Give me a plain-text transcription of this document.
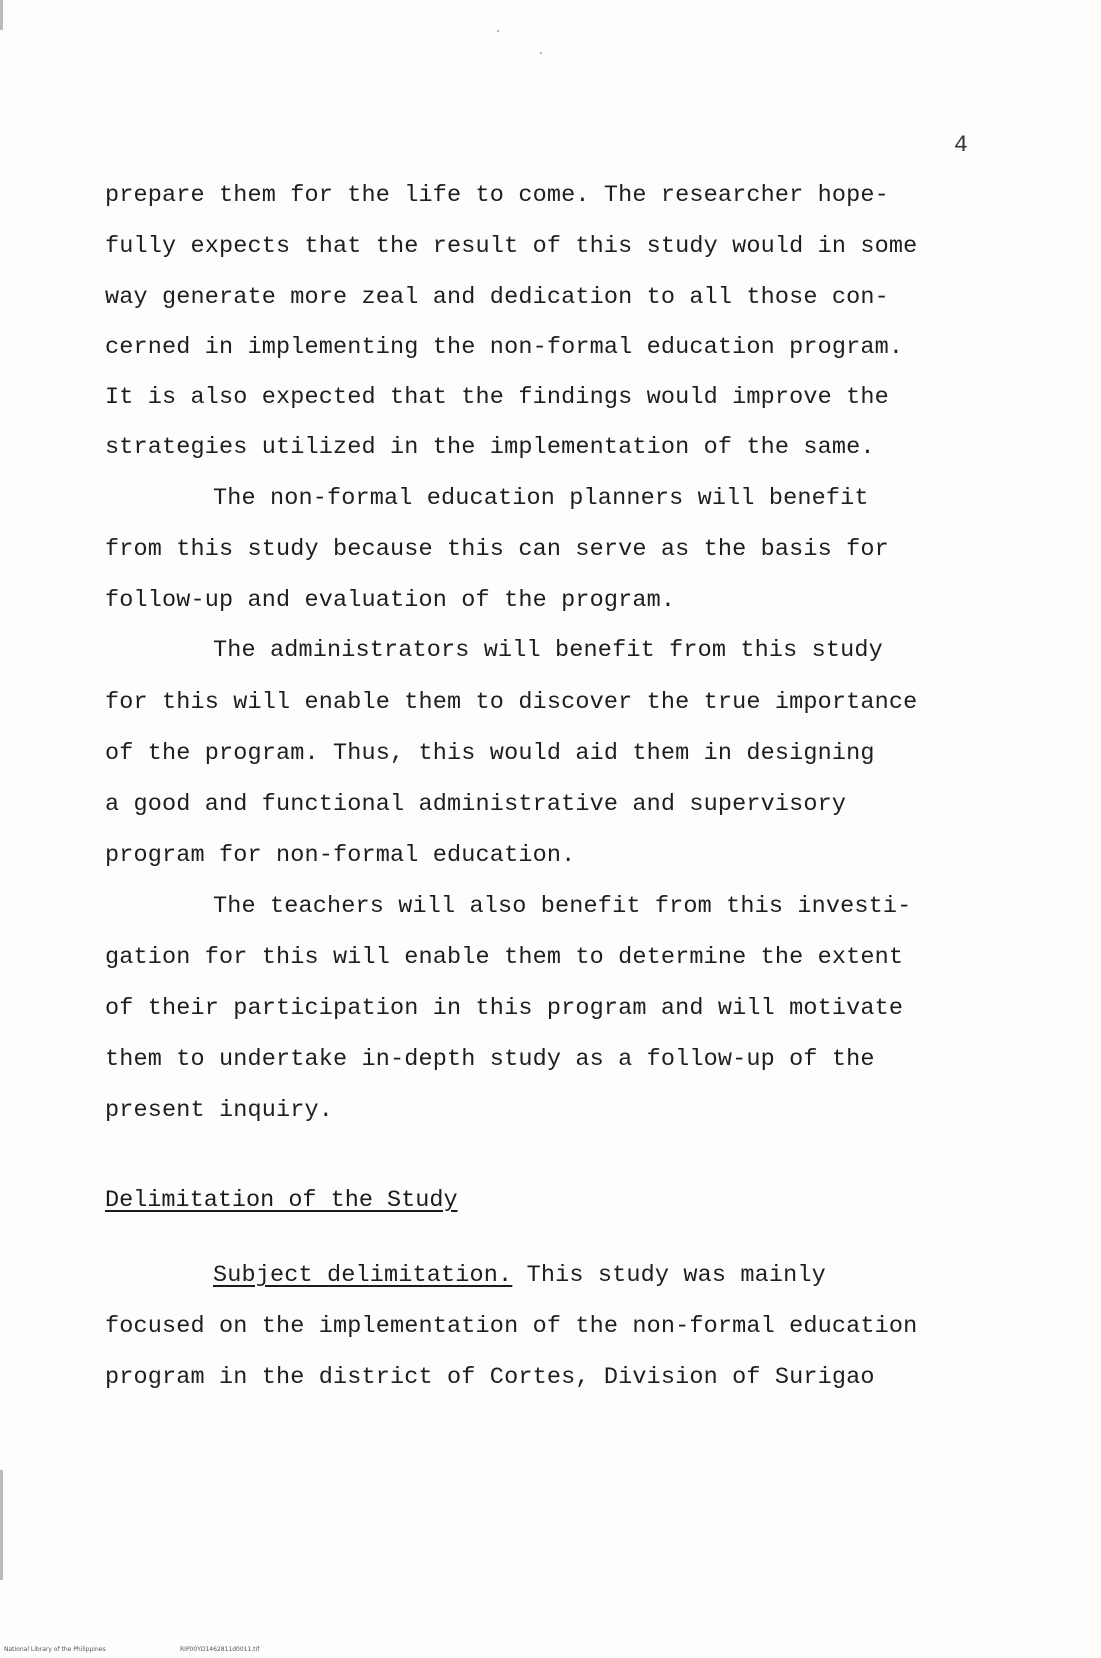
4
prepare them for the life to come. The researcher hope-
fully expects that the result of this study would in some
way generate more zeal and dedication to all those con-
cerned in implementing the non-formal education program.
It is also expected that the findings would improve the
strategies utilized in the implementation of the same.
The non-formal education planners will benefit
from this study because this can serve as the basis for
follow-up and evaluation of the program.
The administrators will benefit from this study
for this will enable them to discover the true importance
of the program. Thus, this would aid them in designing
a good and functional administrative and supervisory
program for non-formal education.
The teachers will also benefit from this investi-
gation for this will enable them to determine the extent
of their participation in this program and will motivate
them to undertake in-depth study as a follow-up of the
present inquiry.
Delimitation of the Study
Subject delimitation. This study was mainly
focused on the implementation of the non-formal education
program in the district of Cortes, Division of Surigao
National Library of the Philippines	RIP00YD1462811d0011.tif
